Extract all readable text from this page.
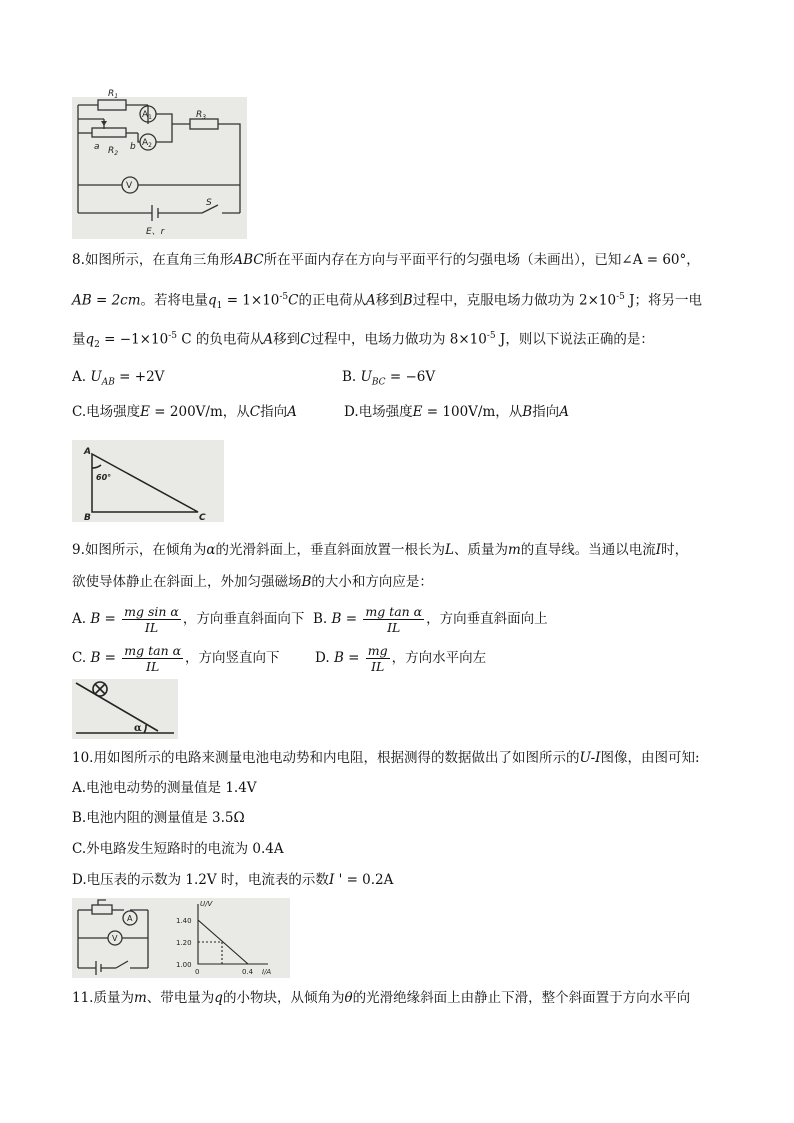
$R_1$
$A_1$	$R_3$
a $R_2$
b $A_2$
V
S
E、r
8.如图所示，在直角三角形ABC所在平面内存在方向与平面平行的匀强电场（未画出），已知∠A = 60°，
AB = 2cm。若将电量$q_1 = 1\times 10^{-5}C$的正电荷从A移到B过程中，克服电场力做功为 $2\times 10^{-5}$ J；将另一电
量$q_2 = -1\times 10^{-5}$ C 的负电荷从A移到C过程中，电场力做功为 $8\times 10^{-5}$ J，则以下说法正确的是：
A. $U_{AB} = +2V$	B. $U_{BC} = -6V$
C.电场强度E = 200V/m，从C指向A	D.电场强度E = 100V/m，从B指向A
A
60°
B	C
9.如图所示，在倾角为α的光滑斜面上，垂直斜面放置一根长为L、质量为m的直导线。当通以电流I时，
欲使导体静止在斜面上，外加匀强磁场B的大小和方向应是：
A. $B = \frac{\text{mg sin α}}{IL}$ ，方向垂直斜面向下 B. $B = \frac{\text{mg tan α}}{IL}$ ，方向垂直斜面向上
C. $B = \frac{\text{mg tan α}}{IL}$ ，方向竖直向下	D. $B = \frac{mg}{IL}$ ，方向水平向左
α
10.用如图所示的电路来测量电池电动势和内电阻，根据测得的数据做出了如图所示的U-I图像，由图可知:
A.电池电动势的测量值是 1.4V
B.电池内阻的测量值是 3.5Ω
C.外电路发生短路时的电流为 0.4A
D.电压表的示数为 1.2V 时，电流表的示数I ' = 0.2A
A
V
U/V
1.40
1.20
1.00
0	0.4 I/A
11.质量为m、带电量为q的小物块，从倾角为θ的光滑绝缘斜面上由静止下滑，整个斜面置于方向水平向
